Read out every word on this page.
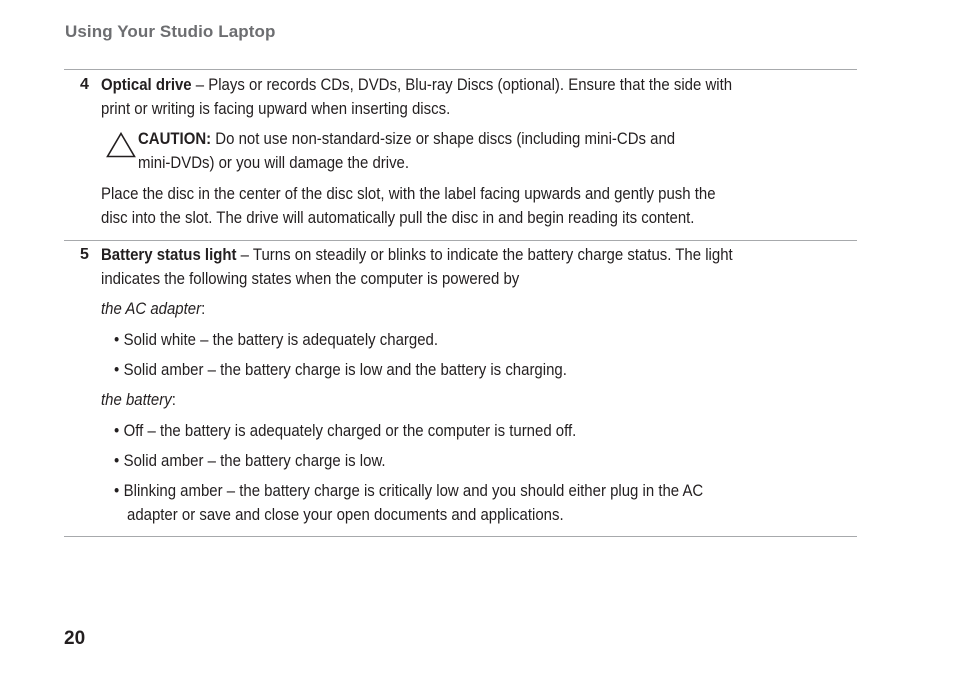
Using Your Studio Laptop
4 Optical drive – Plays or records CDs, DVDs, Blu-ray Discs (optional). Ensure that the side with
print or writing is facing upward when inserting discs.
CAUTION: Do not use non-standard-size or shape discs (including mini-CDs and
mini-DVDs) or you will damage the drive.
Place the disc in the center of the disc slot, with the label facing upwards and gently push the
disc into the slot. The drive will automatically pull the disc in and begin reading its content.
5 Battery status light – Turns on steadily or blinks to indicate the battery charge status. The light
indicates the following states when the computer is powered by
the AC adapter:
• Solid white – the battery is adequately charged.
• Solid amber – the battery charge is low and the battery is charging.
the battery:
• Off – the battery is adequately charged or the computer is turned off.
• Solid amber – the battery charge is low.
• Blinking amber – the battery charge is critically low and you should either plug in the AC
adapter or save and close your open documents and applications.
20
